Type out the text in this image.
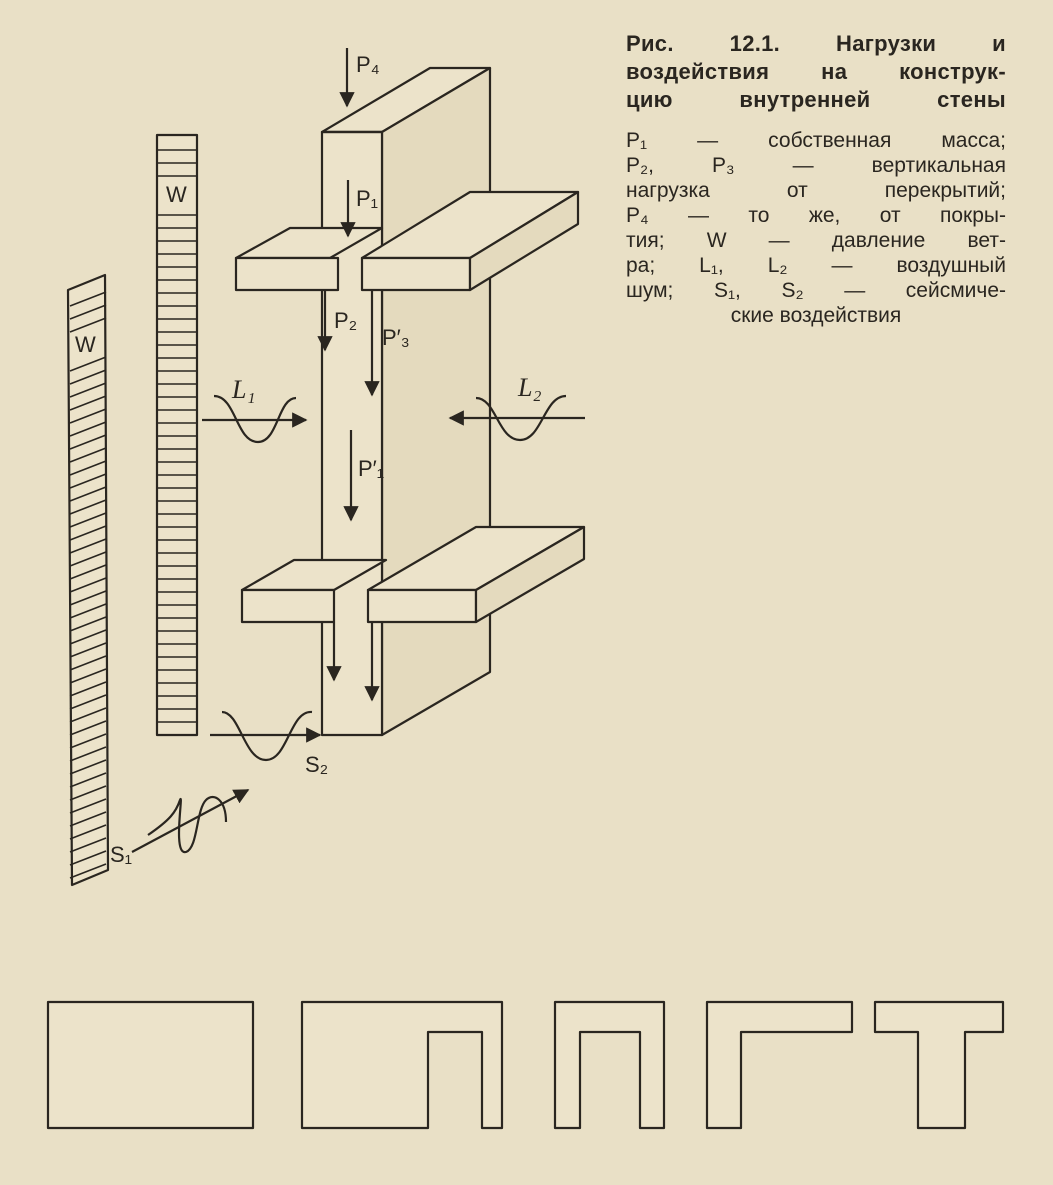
P₄
P₁
P₂
P′₃
P′₁
W
W
L₁	L₂
S₁
S₂
Рис. 12.1. Нагрузки и
воздействия на конструк-
цию внутренней стены
P₁ — собственная масса;
P₂, P₃ — вертикальная
нагрузка от перекрытий;
P₄ — то же, от покры-
тия; W — давление вет-
ра; L₁, L₂ — воздушный
шум; S₁, S₂ — сейсмиче-
ские воздействия
